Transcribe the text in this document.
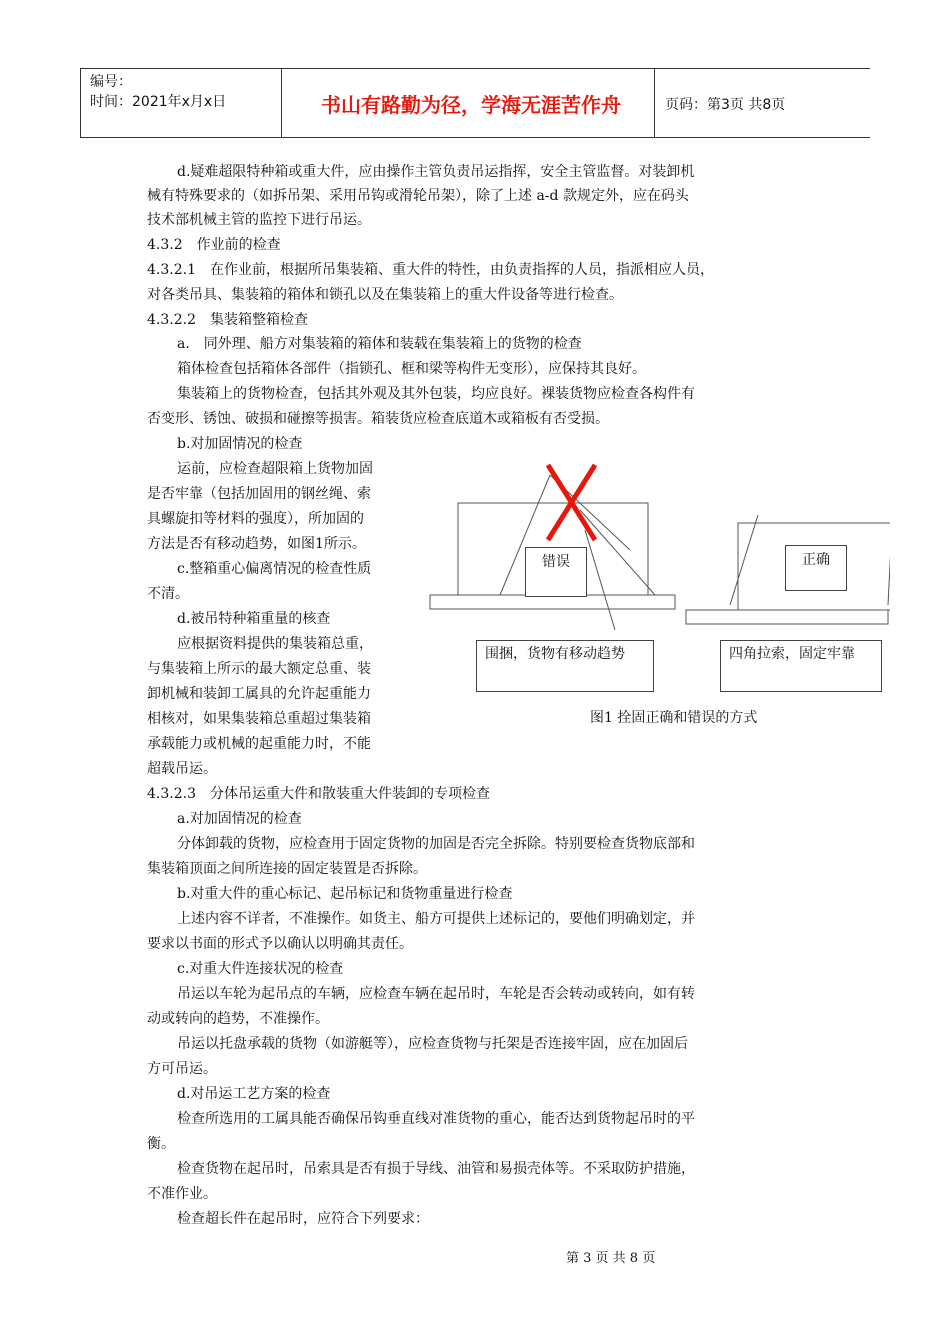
编号：
时间：2021年x月x日	书山有路勤为径，学海无涯苦作舟	页码：第3页 共8页
d.疑难超限特种箱或重大件，应由操作主管负责吊运指挥，安全主管监督。对装卸机
械有特殊要求的（如拆吊架、采用吊钩或滑轮吊架），除了上述 a-d 款规定外，应在码头
技术部机械主管的监控下进行吊运。
4.3.2　作业前的检查
4.3.2.1　在作业前，根据所吊集装箱、重大件的特性，由负责指挥的人员，指派相应人员，
对各类吊具、集装箱的箱体和锁孔以及在集装箱上的重大件设备等进行检查。
4.3.2.2　集装箱整箱检查
a.　同外理、船方对集装箱的箱体和装载在集装箱上的货物的检查
箱体检查包括箱体各部件（指锁孔、框和梁等构件无变形），应保持其良好。
集装箱上的货物检查，包括其外观及其外包装，均应良好。裸装货物应检查各构件有
否变形、锈蚀、破损和碰擦等损害。箱装货应检查底道木或箱板有否受损。
b.对加固情况的检查
运前，应检查超限箱上货物加固
是否牢靠（包括加固用的钢丝绳、索
具螺旋扣等材料的强度），所加固的
方法是否有移动趋势，如图1所示。
c.整箱重心偏离情况的检查性质
不清。
d.被吊特种箱重量的核查
应根据资料提供的集装箱总重，
与集装箱上所示的最大额定总重、装
卸机械和装卸工属具的允许起重能力
相核对，如果集装箱总重超过集装箱
承载能力或机械的起重能力时，不能
超载吊运。
4.3.2.3　分体吊运重大件和散装重大件装卸的专项检查
a.对加固情况的检查
分体卸载的货物，应检查用于固定货物的加固是否完全拆除。特别要检查货物底部和
集装箱顶面之间所连接的固定装置是否拆除。
b.对重大件的重心标记、起吊标记和货物重量进行检查
上述内容不详者，不准操作。如货主、船方可提供上述标记的，要他们明确划定，并
要求以书面的形式予以确认以明确其责任。
c.对重大件连接状况的检查
吊运以车轮为起吊点的车辆，应检查车辆在起吊时，车轮是否会转动或转向，如有转
动或转向的趋势，不准操作。
吊运以托盘承载的货物（如游艇等），应检查货物与托架是否连接牢固，应在加固后
方可吊运。
d.对吊运工艺方案的检查
检查所选用的工属具能否确保吊钩垂直线对准货物的重心，能否达到货物起吊时的平
衡。
检查货物在起吊时，吊索具是否有损于导线、油管和易损壳体等。不采取防护措施，
不准作业。
检查超长件在起吊时，应符合下列要求：
错误	正确
围捆，货物有移动趋势	四角拉索，固定牢靠
图1 拴固正确和错误的方式
第 3 页 共 8 页
